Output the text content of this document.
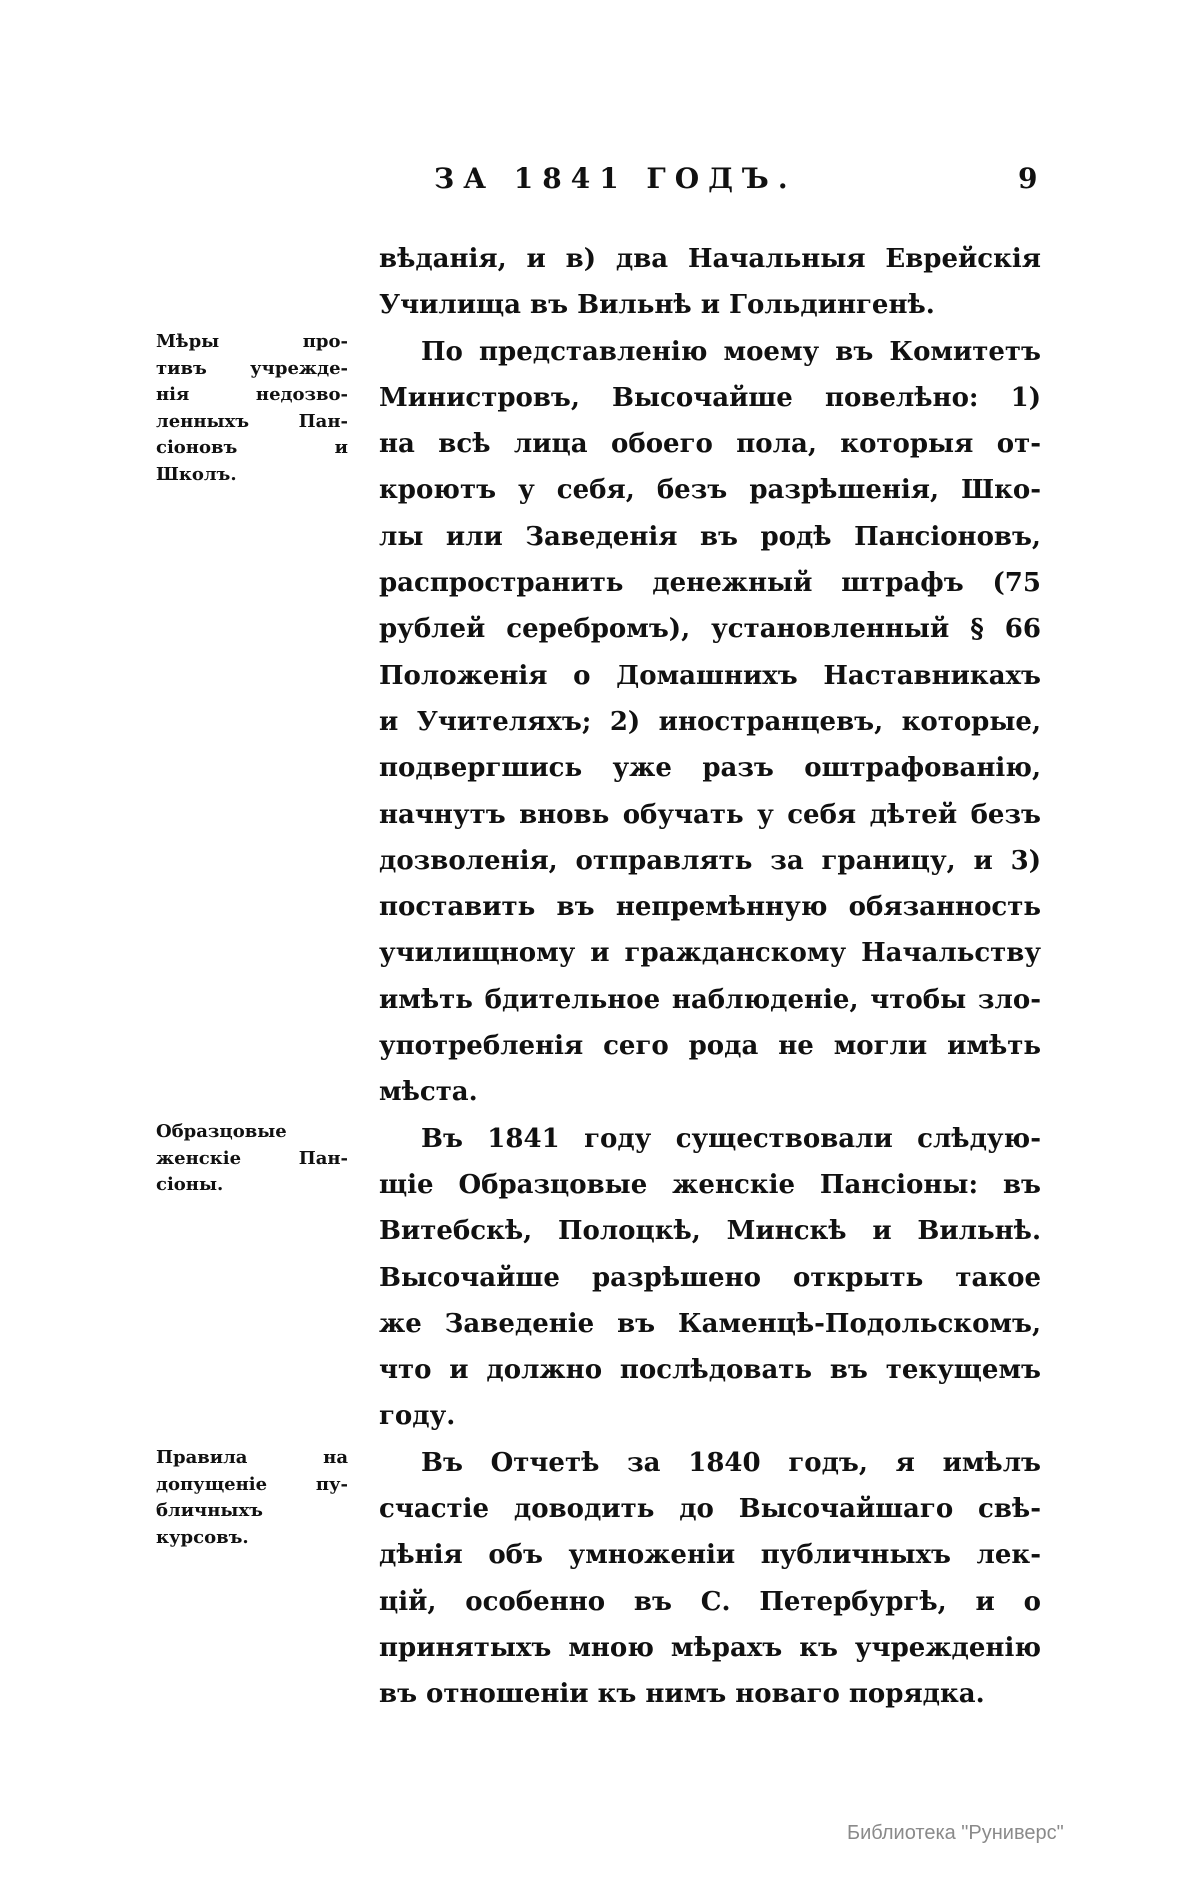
ЗА 1841 ГОДЪ.	9
вѣданія, и в) два Начальныя Еврейскія
Училища въ Вильнѣ и Гольдингенѣ.
По представленію моему въ Комитетъ
Министровъ, Высочайше повелѣно: 1)
на всѣ лица обоего пола, которыя от-
кроютъ у себя, безъ разрѣшенія, Шко-
лы или Заведенія въ родѣ Пансіоновъ,
распространить денежный штрафъ (75
рублей серебромъ), установленный § 66
Положенія о Домашнихъ Наставникахъ
и Учителяхъ; 2) иностранцевъ, которые,
подвергшись уже разъ оштрафованію,
начнутъ вновь обучать у себя дѣтей безъ
дозволенія, отправлять за границу, и 3)
поставить въ непремѣнную обязанность
училищному и гражданскому Начальству
имѣть бдительное наблюденіе, чтобы зло-
употребленія сего рода не могли имѣть
мѣста.
Въ 1841 году существовали слѣдую-
щіе Образцовые женскіе Пансіоны: въ
Витебскѣ, Полоцкѣ, Минскѣ и Вильнѣ.
Высочайше разрѣшено открыть такое
же Заведеніе въ Каменцѣ-Подольскомъ,
что и должно послѣдовать въ текущемъ
году.
Въ Отчетѣ за 1840 годъ, я имѣлъ
счастіе доводить до Высочайшаго свѣ-
дѣнія объ умноженіи публичныхъ лек-
цій, особенно въ С. Петербургѣ, и о
принятыхъ мною мѣрахъ къ учрежденію
въ отношеніи къ нимъ новаго порядка.
Мѣры про-
тивъ учрежде-
нія недозво-
ленныхъ Пан-
сіоновъ и
Школъ.
Образцовые
женскіе Пан-
сіоны.
Правила на
допущеніе пу-
бличныхъ
курсовъ.
Библиотека "Руниверс"
